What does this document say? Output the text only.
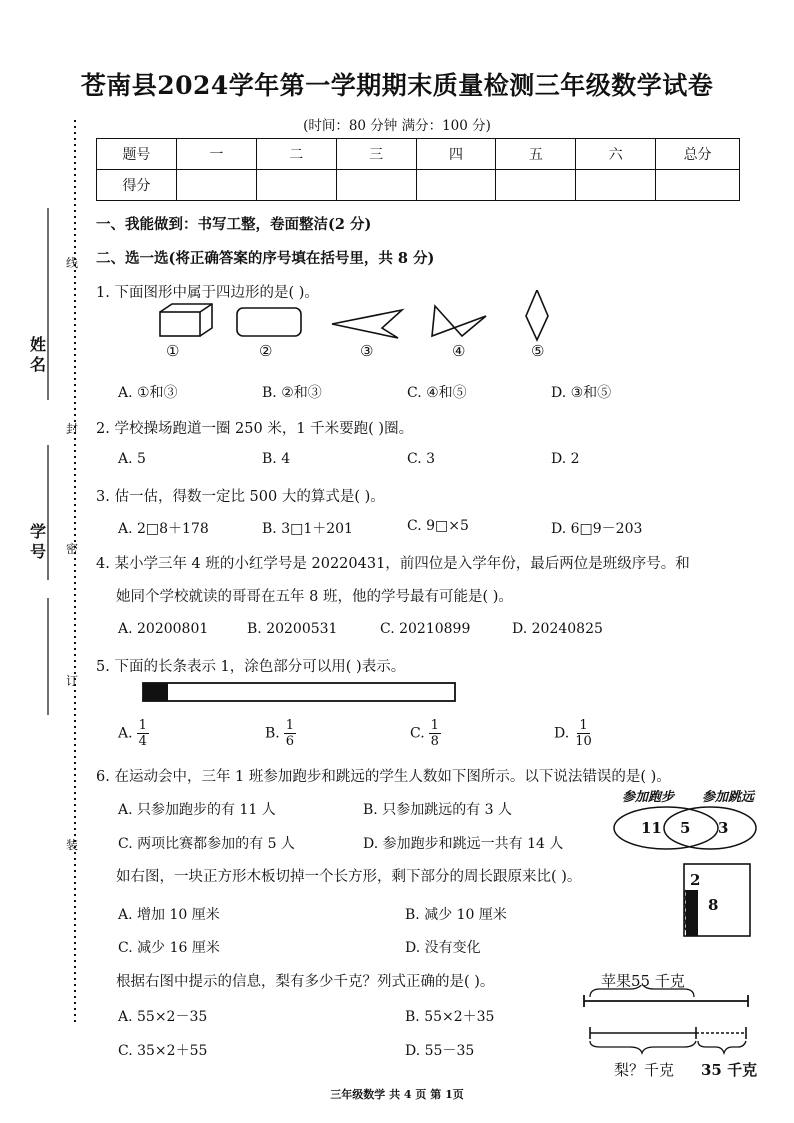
苍南县2024学年第一学期期末质量检测三年级数学试卷
(时间：80 分钟 满分：100 分)
题号	一	二	三	四	五	六	总分
得分							
线
封
密
订
装
姓名
学号
一、我能做到：书写工整，卷面整洁(2 分)
二、选一选(将正确答案的序号填在括号里，共 8 分)
1. 下面图形中属于四边形的是( )。
①	②	③	④	⑤
A. ①和③	B. ②和③	C. ④和⑤	D. ③和⑤
2. 学校操场跑道一圈 250 米，1 千米要跑( )圈。
A. 5	B. 4	C. 3	D. 2
3. 估一估，得数一定比 500 大的算式是( )。
A. 2□8＋178	B. 3□1＋201	C. 9□×5	D. 6□9－203
4. 某小学三年 4 班的小红学号是 20220431，前四位是入学年份，最后两位是班级序号。和
她同个学校就读的哥哥在五年 8 班，他的学号最有可能是( )。
A. 20200801	B. 20200531	C. 20210899	D. 20240825
5. 下面的长条表示 1，涂色部分可以用( )表示。
A. $\frac{1}{4}$	B. $\frac{1}{6}$	C. $\frac{1}{8}$	D. $\frac{1}{10}$
6. 在运动会中，三年 1 班参加跑步和跳远的学生人数如下图所示。以下说法错误的是( )。
A. 只参加跑步的有 11 人	B. 只参加跳远的有 3 人
C. 两项比赛都参加的有 5 人	D. 参加跑步和跳远一共有 14 人
参加跑步 参加跳远
11 5 3
如右图，一块正方形木板切掉一个长方形，剩下部分的周长跟原来比( )。
A. 增加 10 厘米	B. 减少 10 厘米
C. 减少 16 厘米	D. 没有变化
2
8
根据右图中提示的信息，梨有多少千克？列式正确的是( )。
A. 55×2－35	B. 55×2＋35
C. 35×2＋55	D. 55－35
苹果55 千克
梨？千克 35 千克
三年级数学 共 4 页 第 1页
